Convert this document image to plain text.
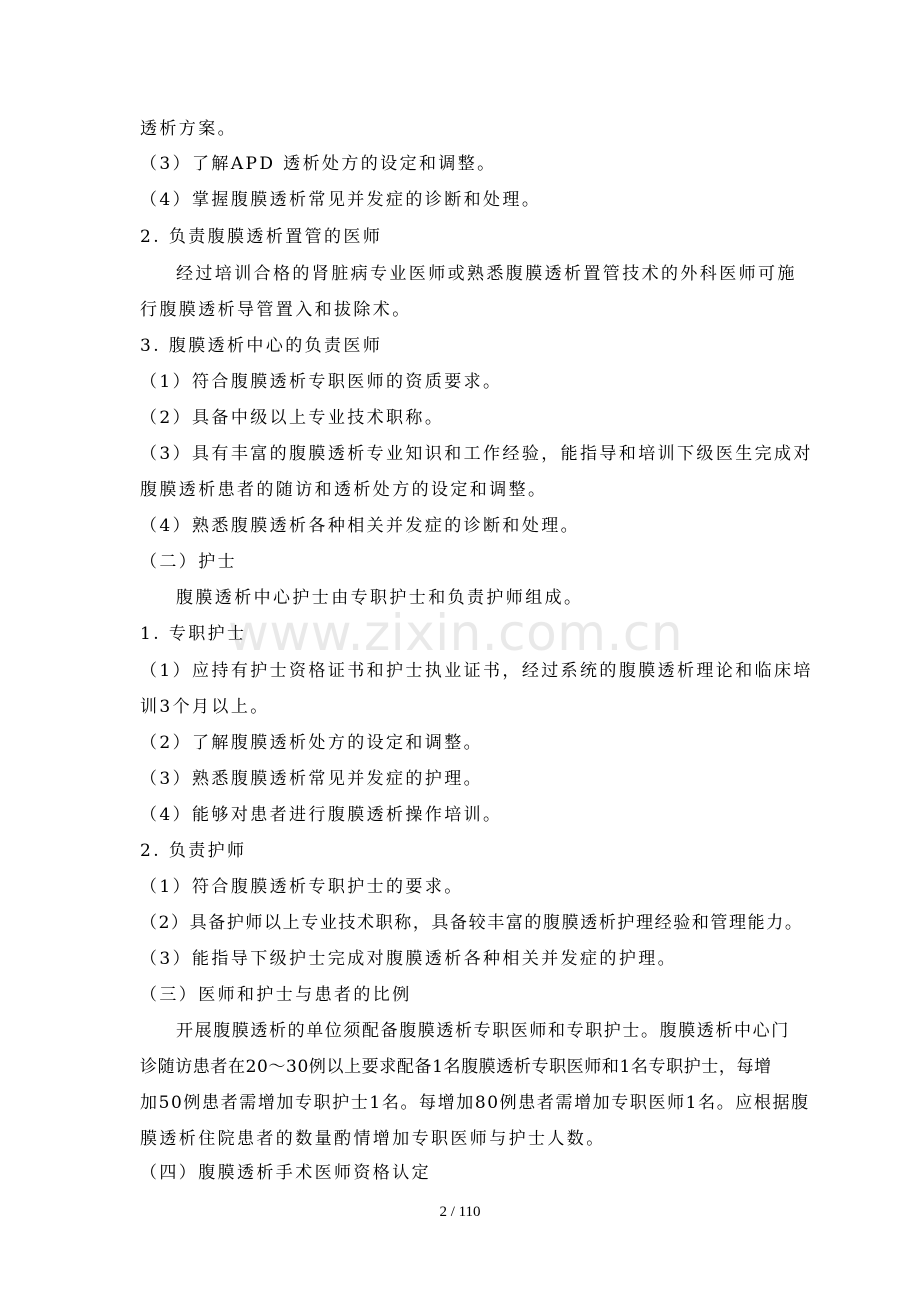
透析方案。
（3）了解APD 透析处方的设定和调整。
（4）掌握腹膜透析常见并发症的诊断和处理。
2. 负责腹膜透析置管的医师
经过培训合格的肾脏病专业医师或熟悉腹膜透析置管技术的外科医师可施
行腹膜透析导管置入和拔除术。
3. 腹膜透析中心的负责医师
（1）符合腹膜透析专职医师的资质要求。
（2）具备中级以上专业技术职称。
（3）具有丰富的腹膜透析专业知识和工作经验，能指导和培训下级医生完成对
腹膜透析患者的随访和透析处方的设定和调整。
（4）熟悉腹膜透析各种相关并发症的诊断和处理。
（二）护士
腹膜透析中心护士由专职护士和负责护师组成。
1. 专职护士
（1）应持有护士资格证书和护士执业证书，经过系统的腹膜透析理论和临床培
训3个月以上。
（2）了解腹膜透析处方的设定和调整。
（3）熟悉腹膜透析常见并发症的护理。
（4）能够对患者进行腹膜透析操作培训。
2. 负责护师
（1）符合腹膜透析专职护士的要求。
（2）具备护师以上专业技术职称，具备较丰富的腹膜透析护理经验和管理能力。
（3）能指导下级护士完成对腹膜透析各种相关并发症的护理。
（三）医师和护士与患者的比例
开展腹膜透析的单位须配备腹膜透析专职医师和专职护士。腹膜透析中心门
诊随访患者在20～30例以上要求配备1名腹膜透析专职医师和1名专职护士，每增
加50例患者需增加专职护士1名。每增加80例患者需增加专职医师1名。应根据腹
膜透析住院患者的数量酌情增加专职医师与护士人数。
（四）腹膜透析手术医师资格认定
www.zixin.com.cn
2 / 110
